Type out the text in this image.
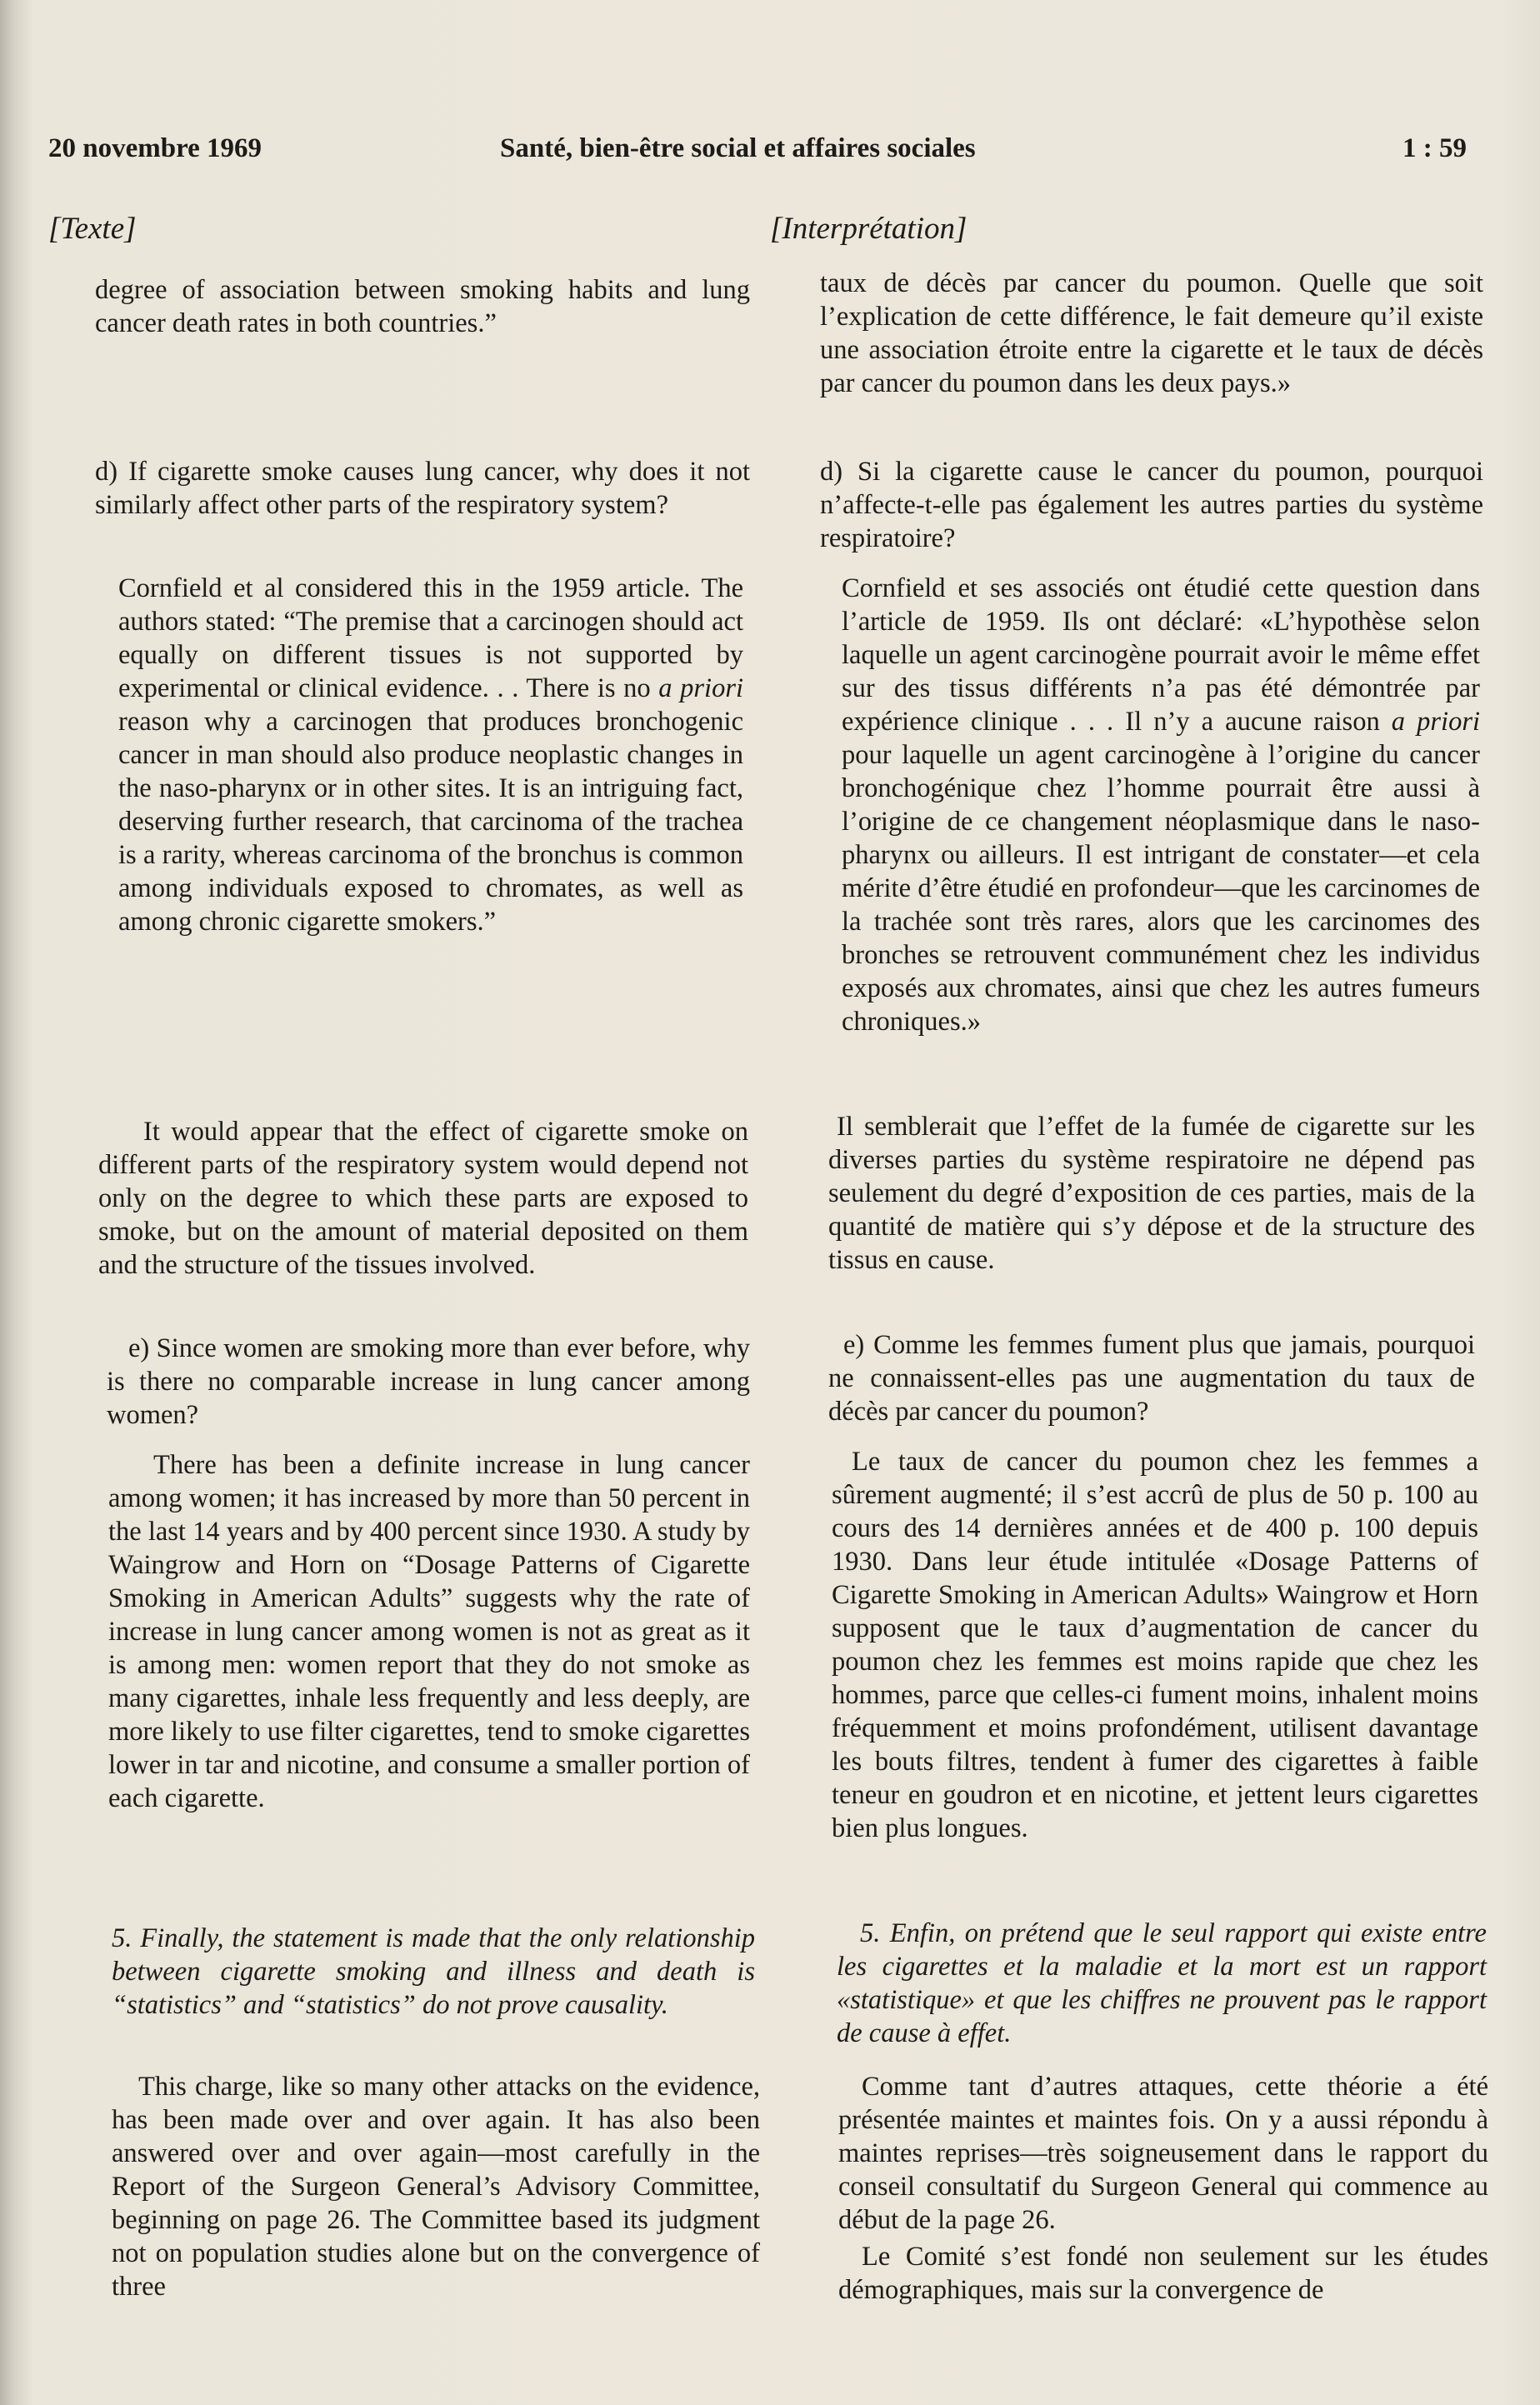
20 novembre 1969	Santé, bien-être social et affaires sociales	1 : 59
[Texte]	[Interprétation]

degree of association between smoking habits and lung cancer death rates in both countries.”

d) If cigarette smoke causes lung cancer, why does it not similarly affect other parts of the respiratory system?

Cornfield et al considered this in the 1959 article. The authors stated: “The premise that a carcinogen should act equally on different tissues is not supported by experimental or clinical evidence. . . There is no a priori reason why a carcinogen that produces bronchogenic cancer in man should also produce neoplastic changes in the naso-pharynx or in other sites. It is an intriguing fact, deserving further research, that carcinoma of the trachea is a rarity, whereas carcinoma of the bronchus is common among individuals exposed to chromates, as well as among chronic cigarette smokers.”

It would appear that the effect of cigarette smoke on different parts of the respiratory system would depend not only on the degree to which these parts are exposed to smoke, but on the amount of material deposited on them and the structure of the tissues involved.

e) Since women are smoking more than ever before, why is there no comparable increase in lung cancer among women?

There has been a definite increase in lung cancer among women; it has increased by more than 50 percent in the last 14 years and by 400 percent since 1930. A study by Waingrow and Horn on “Dosage Patterns of Cigarette Smoking in American Adults” suggests why the rate of increase in lung cancer among women is not as great as it is among men: women report that they do not smoke as many cigarettes, inhale less frequently and less deeply, are more likely to use filter cigarettes, tend to smoke cigarettes lower in tar and nicotine, and consume a smaller portion of each cigarette.

5. Finally, the statement is made that the only relationship between cigarette smoking and illness and death is “statistics” and “statistics” do not prove causality.

This charge, like so many other attacks on the evidence, has been made over and over again. It has also been answered over and over again—most carefully in the Report of the Surgeon General’s Advisory Committee, beginning on page 26. The Committee based its judgment not on population studies alone but on the convergence of three

taux de décès par cancer du poumon. Quelle que soit l’explication de cette différence, le fait demeure qu’il existe une association étroite entre la cigarette et le taux de décès par cancer du poumon dans les deux pays.»

d) Si la cigarette cause le cancer du poumon, pourquoi n’affecte-t-elle pas également les autres parties du système respiratoire?

Cornfield et ses associés ont étudié cette question dans l’article de 1959. Ils ont déclaré: «L’hypothèse selon laquelle un agent carcinogène pourrait avoir le même effet sur des tissus différents n’a pas été démontrée par expérience clinique . . . Il n’y a aucune raison a priori pour laquelle un agent carcinogène à l’origine du cancer bronchogénique chez l’homme pourrait être aussi à l’origine de ce changement néoplasmique dans le naso-pharynx ou ailleurs. Il est intrigant de constater—et cela mérite d’être étudié en profondeur—que les carcinomes de la trachée sont très rares, alors que les carcinomes des bronches se retrouvent communément chez les individus exposés aux chromates, ainsi que chez les autres fumeurs chroniques.»

Il semblerait que l’effet de la fumée de cigarette sur les diverses parties du système respiratoire ne dépend pas seulement du degré d’exposition de ces parties, mais de la quantité de matière qui s’y dépose et de la structure des tissus en cause.

e) Comme les femmes fument plus que jamais, pourquoi ne connaissent-elles pas une augmentation du taux de décès par cancer du poumon?

Le taux de cancer du poumon chez les femmes a sûrement augmenté; il s’est accrû de plus de 50 p. 100 au cours des 14 dernières années et de 400 p. 100 depuis 1930. Dans leur étude intitulée «Dosage Patterns of Cigarette Smoking in American Adults» Waingrow et Horn supposent que le taux d’augmentation de cancer du poumon chez les femmes est moins rapide que chez les hommes, parce que celles-ci fument moins, inhalent moins fréquemment et moins profondément, utilisent davantage les bouts filtres, tendent à fumer des cigarettes à faible teneur en goudron et en nicotine, et jettent leurs cigarettes bien plus longues.

5. Enfin, on prétend que le seul rapport qui existe entre les cigarettes et la maladie et la mort est un rapport «statistique» et que les chiffres ne prouvent pas le rapport de cause à effet.

Comme tant d’autres attaques, cette théorie a été présentée maintes et maintes fois. On y a aussi répondu à maintes reprises—très soigneusement dans le rapport du conseil consultatif du Surgeon General qui commence au début de la page 26.

Le Comité s’est fondé non seulement sur les études démographiques, mais sur la convergence de
